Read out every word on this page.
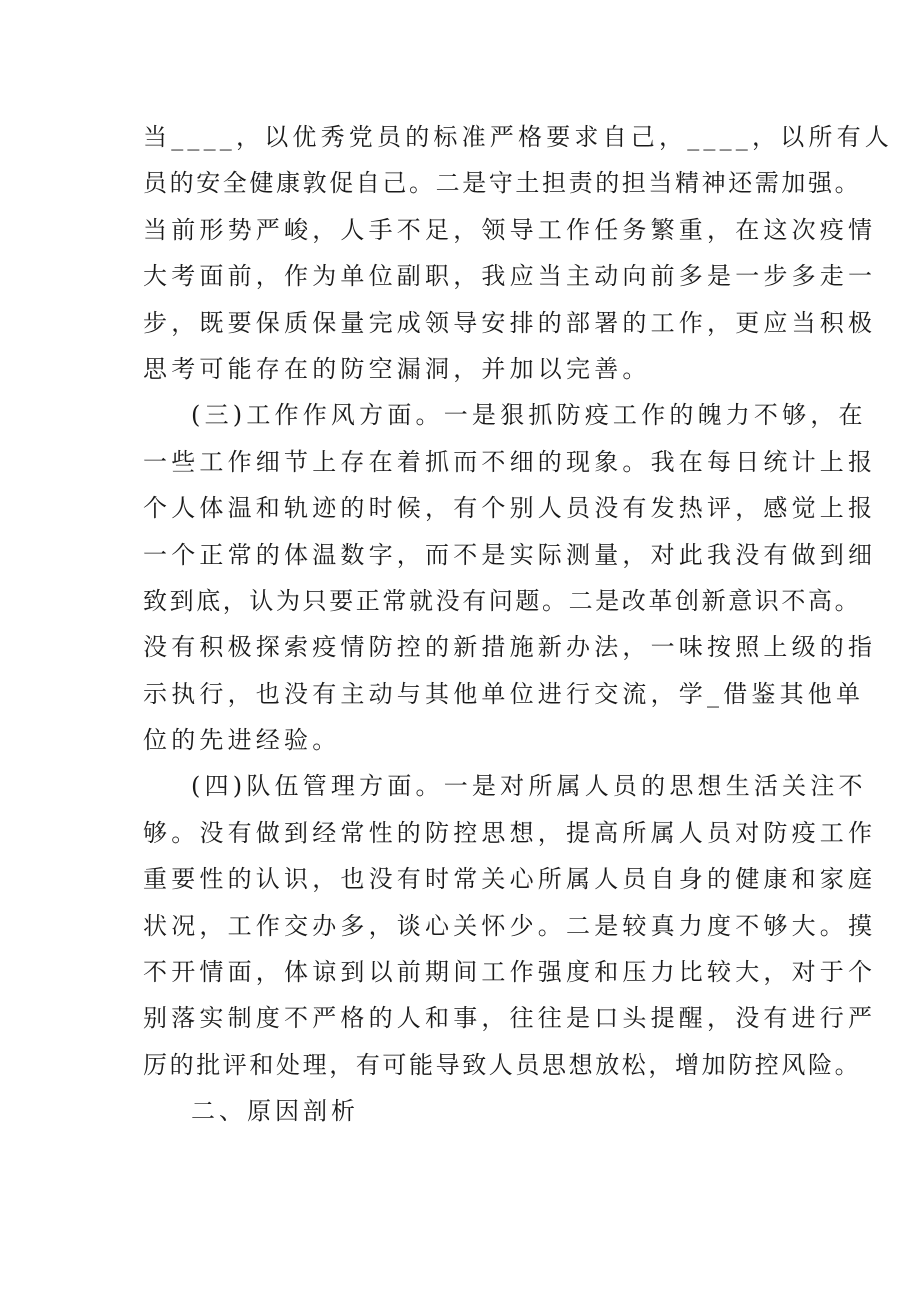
当____，以优秀党员的标准严格要求自己，____，以所有人
员的安全健康敦促自己。二是守土担责的担当精神还需加强。
当前形势严峻，人手不足，领导工作任务繁重，在这次疫情
大考面前，作为单位副职，我应当主动向前多是一步多走一
步，既要保质保量完成领导安排的部署的工作，更应当积极
思考可能存在的防空漏洞，并加以完善。
(三)工作作风方面。一是狠抓防疫工作的魄力不够，在
一些工作细节上存在着抓而不细的现象。我在每日统计上报
个人体温和轨迹的时候，有个别人员没有发热评，感觉上报
一个正常的体温数字，而不是实际测量，对此我没有做到细
致到底，认为只要正常就没有问题。二是改革创新意识不高。
没有积极探索疫情防控的新措施新办法，一味按照上级的指
示执行，也没有主动与其他单位进行交流，学_借鉴其他单
位的先进经验。
(四)队伍管理方面。一是对所属人员的思想生活关注不
够。没有做到经常性的防控思想，提高所属人员对防疫工作
重要性的认识，也没有时常关心所属人员自身的健康和家庭
状况，工作交办多，谈心关怀少。二是较真力度不够大。摸
不开情面，体谅到以前期间工作强度和压力比较大，对于个
别落实制度不严格的人和事，往往是口头提醒，没有进行严
厉的批评和处理，有可能导致人员思想放松，增加防控风险。
二、原因剖析
